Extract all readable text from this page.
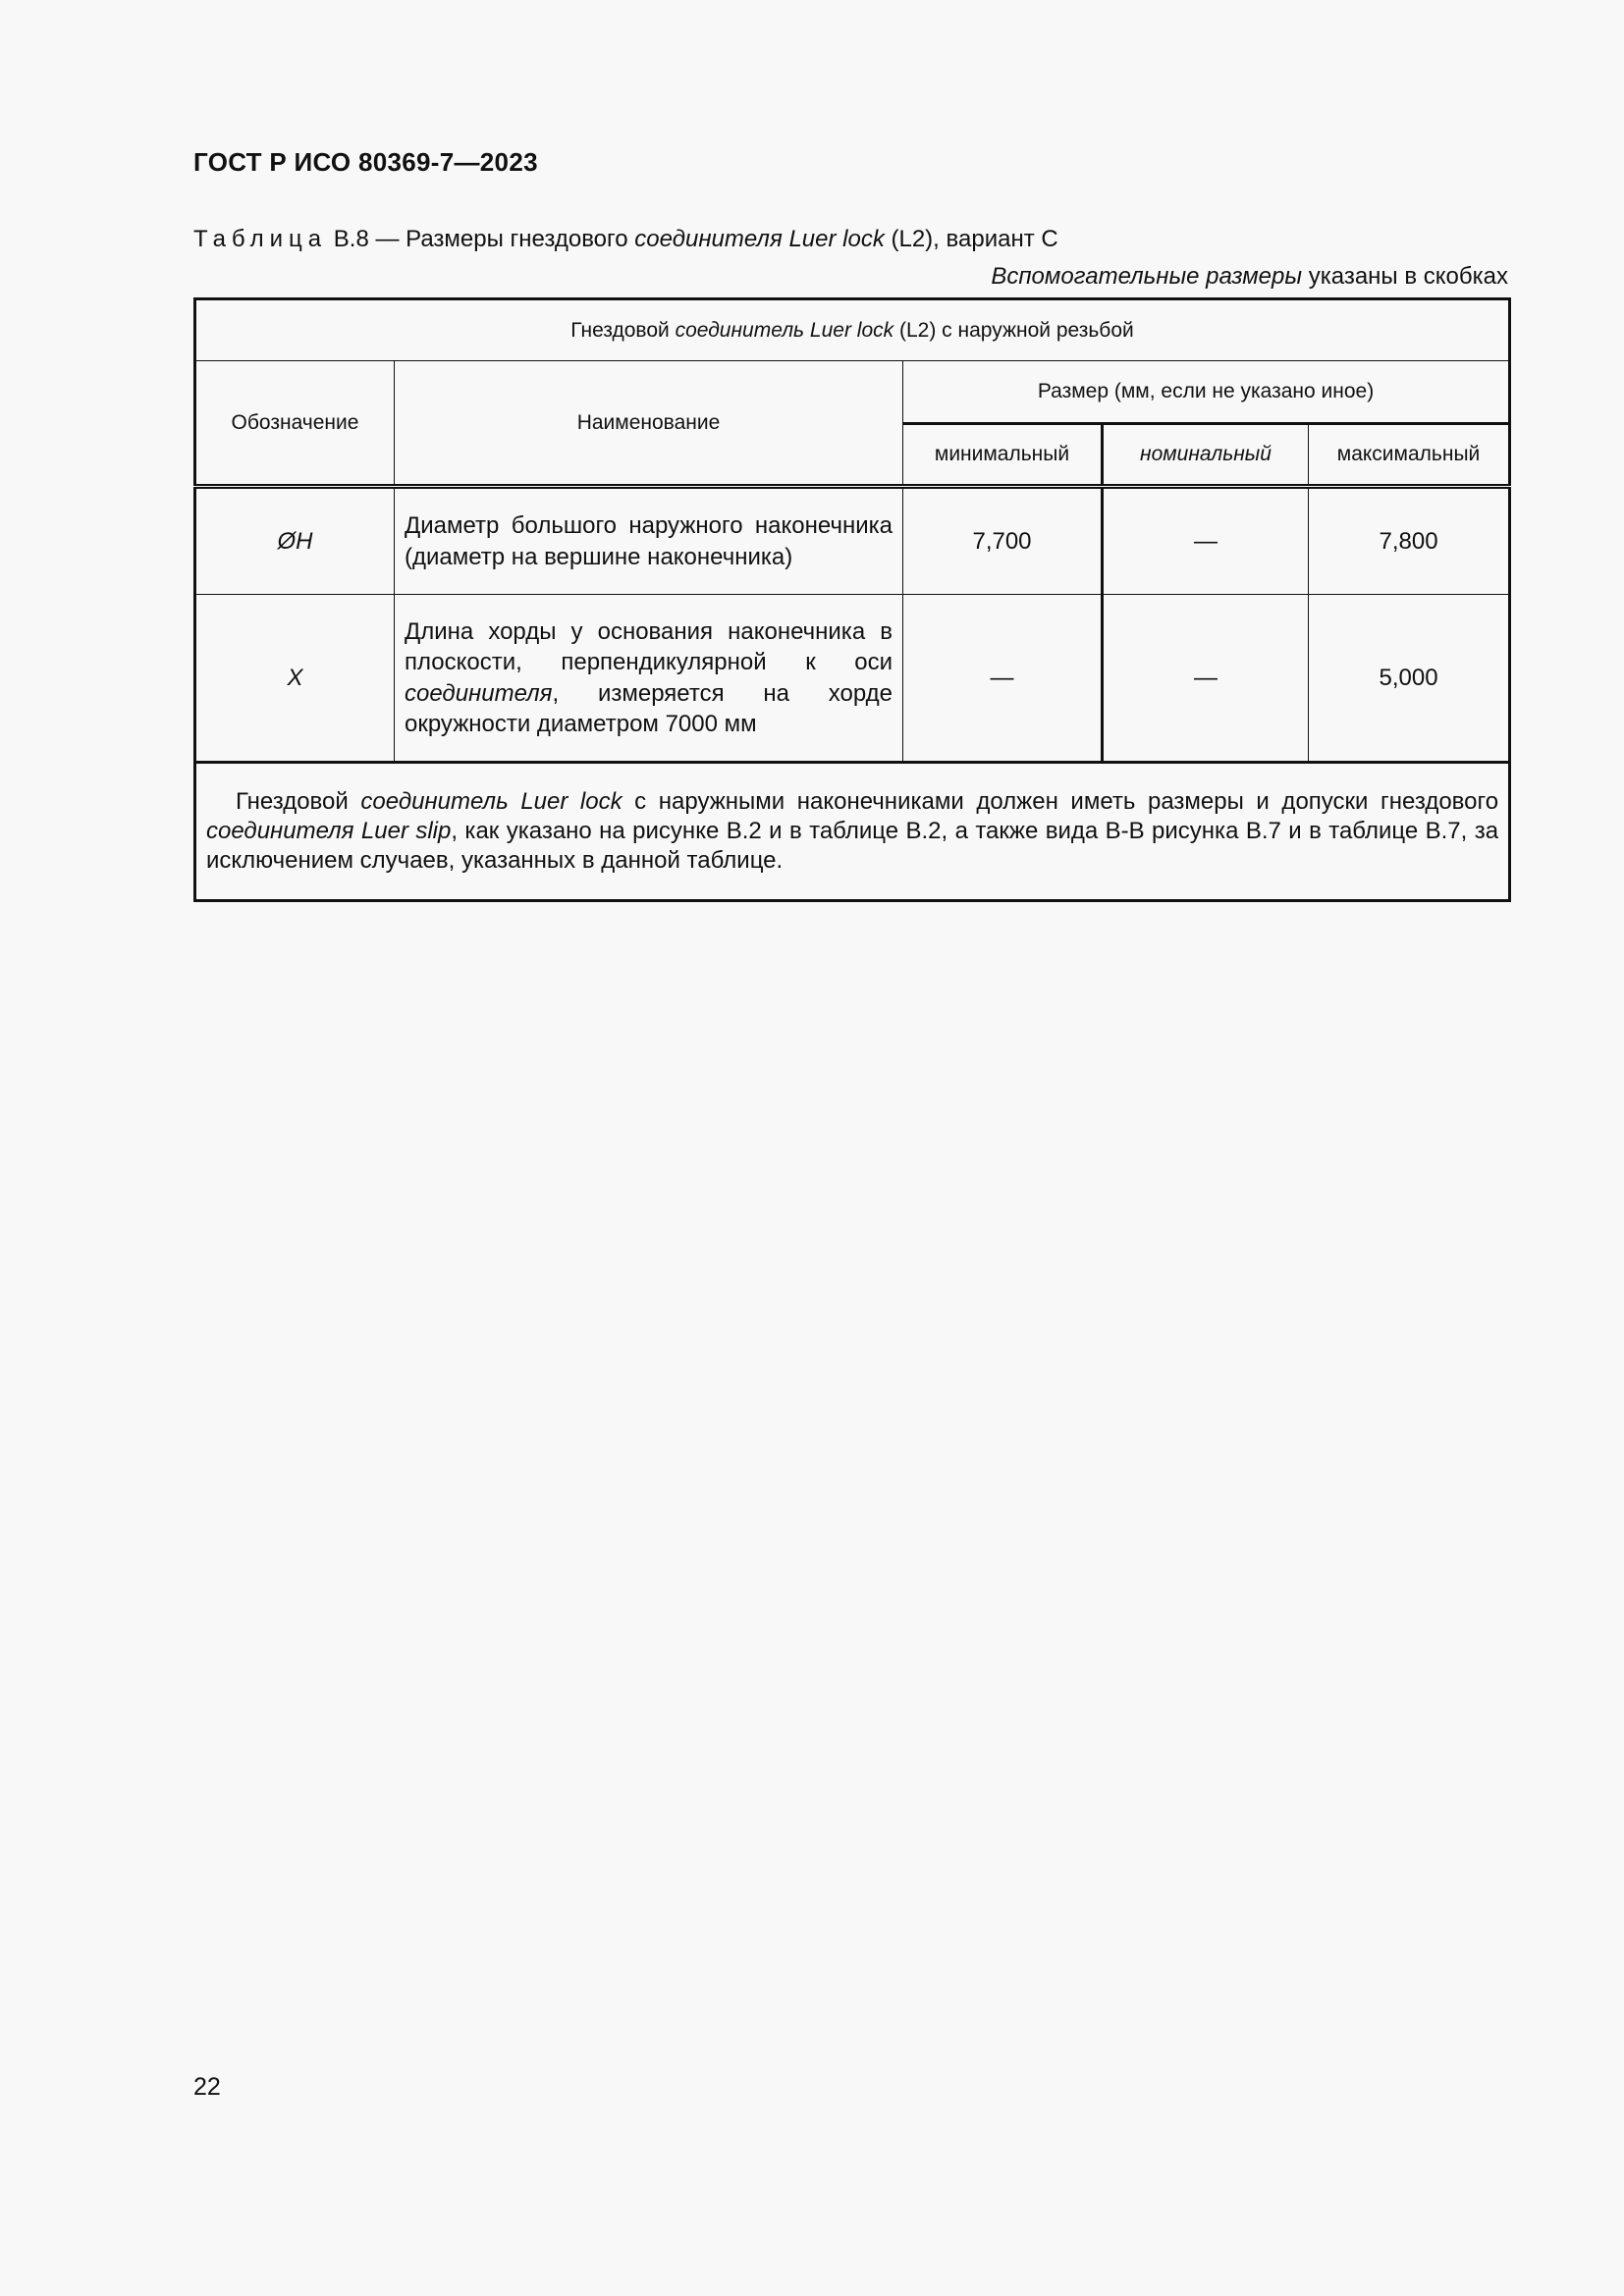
ГОСТ Р ИСО 80369-7—2023
Таблица В.8 — Размеры гнездового соединителя Luer lock (L2), вариант С
Вспомогательные размеры указаны в скобках
Гнездовой соединитель Luer lock (L2) с наружной резьбой				
Обозначение	Наименование	Размер (мм, если не указано иное)		
		минимальный	номинальный	максимальный
ØH	Диаметр большого наружного наконечника (диаметр на вершине наконечника)	7,700	—	7,800
X	Длина хорды у основания наконечника в плоскости, перпендикулярной к оси соединителя, измеряется на хорде окружности диаметром 7000 мм	—	—	5,000
Гнездовой соединитель Luer lock с наружными наконечниками должен иметь размеры и допуски гнездового соединителя Luer slip, как указано на рисунке В.2 и в таблице В.2, а также вида В-В рисунка В.7 и в таблице В.7, за исключением случаев, указанных в данной таблице.				
22
